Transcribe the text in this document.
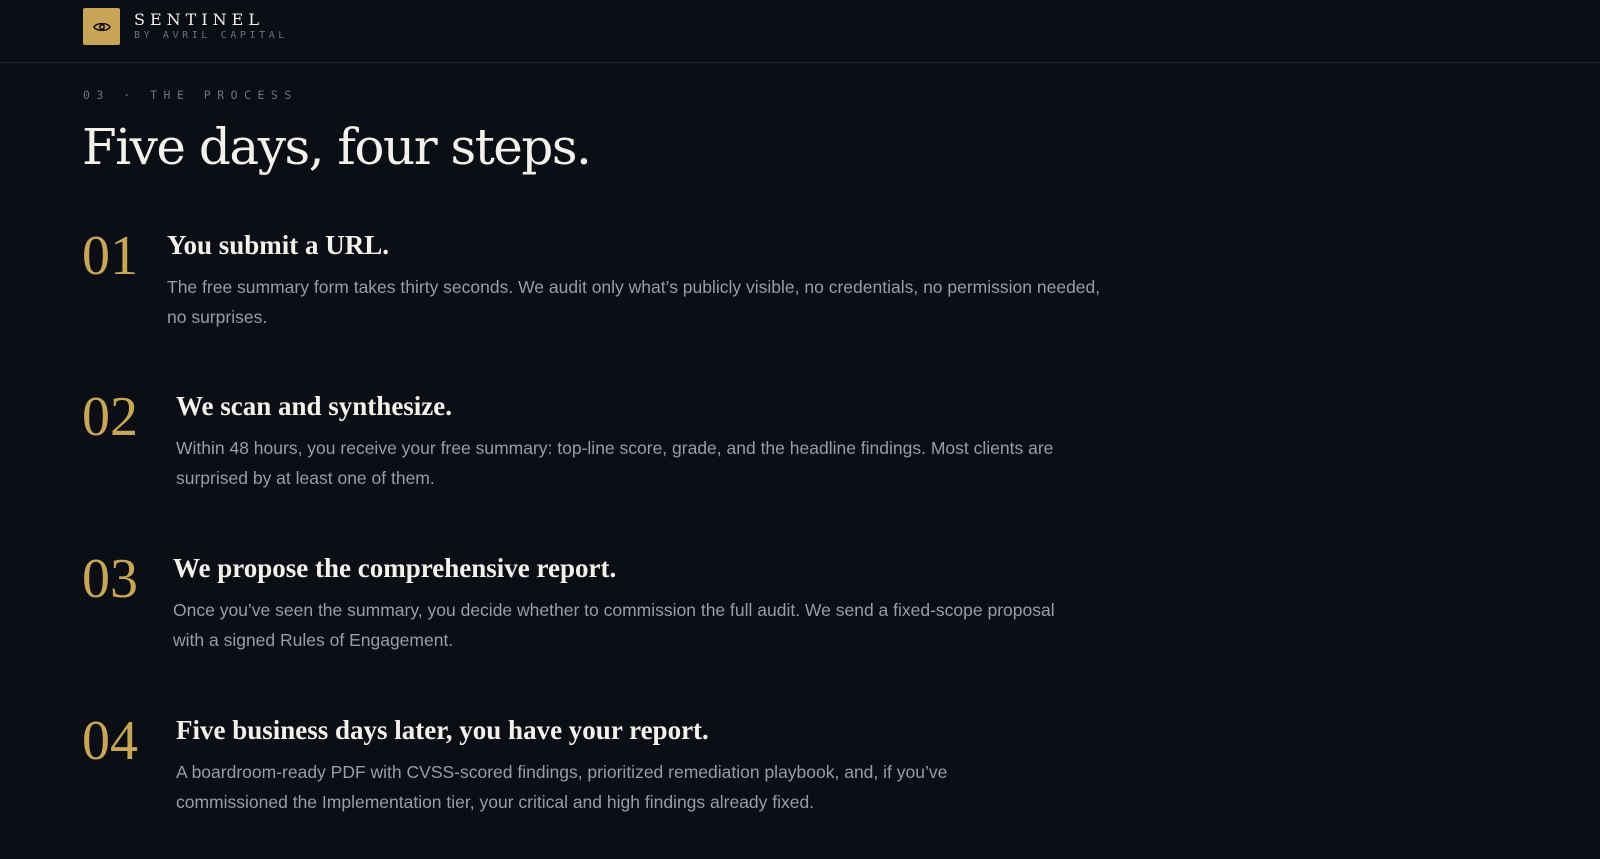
SENTINEL
BY AVRIL CAPITAL
03 · THE PROCESS
Five days, four steps.
01 You submit a URL.

The free summary form takes thirty seconds. We audit only what’s publicly visible, no credentials, no permission needed, no surprises.

02 We scan and synthesize.

Within 48 hours, you receive your free summary: top-line score, grade, and the headline findings. Most clients are surprised by at least one of them.

03 We propose the comprehensive report.

Once you’ve seen the summary, you decide whether to commission the full audit. We send a fixed-scope proposal with a signed Rules of Engagement.

04 Five business days later, you have your report.

A boardroom-ready PDF with CVSS-scored findings, prioritized remediation playbook, and, if you’ve commissioned the Implementation tier, your critical and high findings already fixed.
